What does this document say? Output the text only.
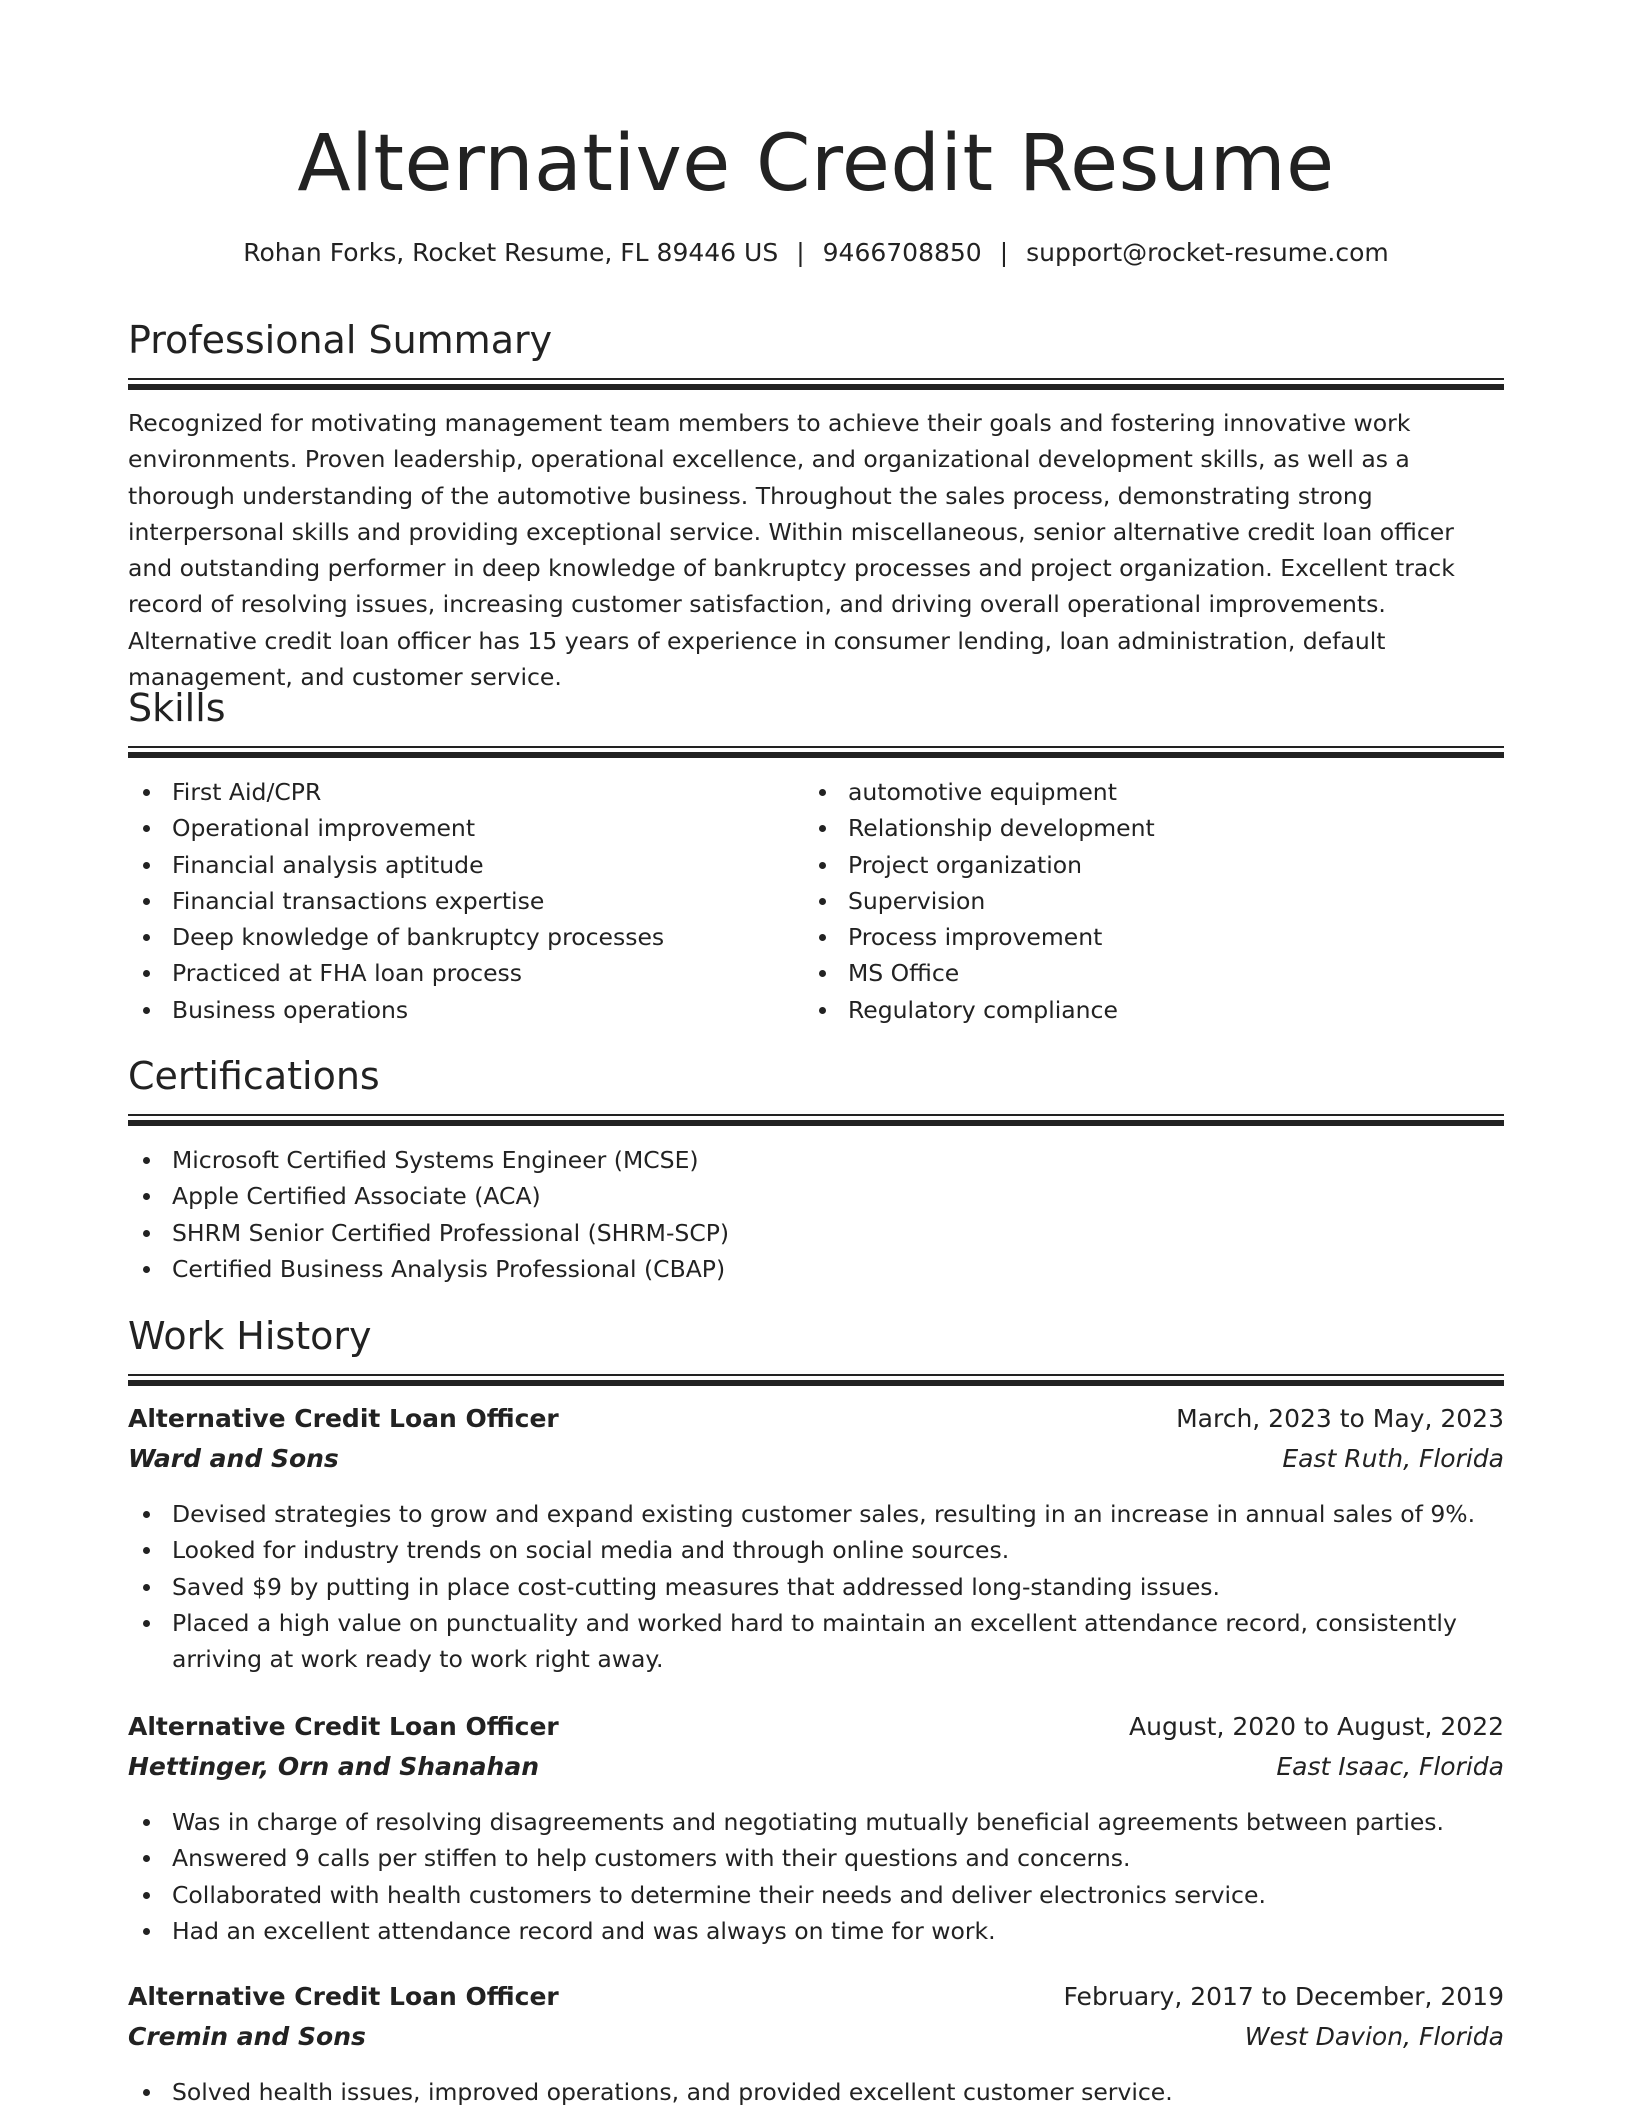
Alternative Credit Resume
Rohan Forks, Rocket Resume, FL 89446 US | 9466708850 | support@rocket-resume.com
Professional Summary
Recognized for motivating management team members to achieve their goals and fostering innovative work environments. Proven leadership, operational excellence, and organizational development skills, as well as a thorough understanding of the automotive business. Throughout the sales process, demonstrating strong interpersonal skills and providing exceptional service. Within miscellaneous, senior alternative credit loan officer and outstanding performer in deep knowledge of bankruptcy processes and project organization. Excellent track record of resolving issues, increasing customer satisfaction, and driving overall operational improvements. Alternative credit loan officer has 15 years of experience in consumer lending, loan administration, default management, and customer service.
Skills
First Aid/CPR
Operational improvement
Financial analysis aptitude
Financial transactions expertise
Deep knowledge of bankruptcy processes
Practiced at FHA loan process
Business operations
automotive equipment
Relationship development
Project organization
Supervision
Process improvement
MS Office
Regulatory compliance
Certifications
Microsoft Certified Systems Engineer (MCSE)
Apple Certified Associate (ACA)
SHRM Senior Certified Professional (SHRM-SCP)
Certified Business Analysis Professional (CBAP)
Work History
Alternative Credit Loan Officer	March, 2023 to May, 2023
Ward and Sons	East Ruth, Florida
Devised strategies to grow and expand existing customer sales, resulting in an increase in annual sales of 9%.
Looked for industry trends on social media and through online sources.
Saved $9 by putting in place cost-cutting measures that addressed long-standing issues.
Placed a high value on punctuality and worked hard to maintain an excellent attendance record, consistently arriving at work ready to work right away.
Alternative Credit Loan Officer	August, 2020 to August, 2022
Hettinger, Orn and Shanahan	East Isaac, Florida
Was in charge of resolving disagreements and negotiating mutually beneficial agreements between parties.
Answered 9 calls per stiffen to help customers with their questions and concerns.
Collaborated with health customers to determine their needs and deliver electronics service.
Had an excellent attendance record and was always on time for work.
Alternative Credit Loan Officer	February, 2017 to December, 2019
Cremin and Sons	West Davion, Florida
Solved health issues, improved operations, and provided excellent customer service.
